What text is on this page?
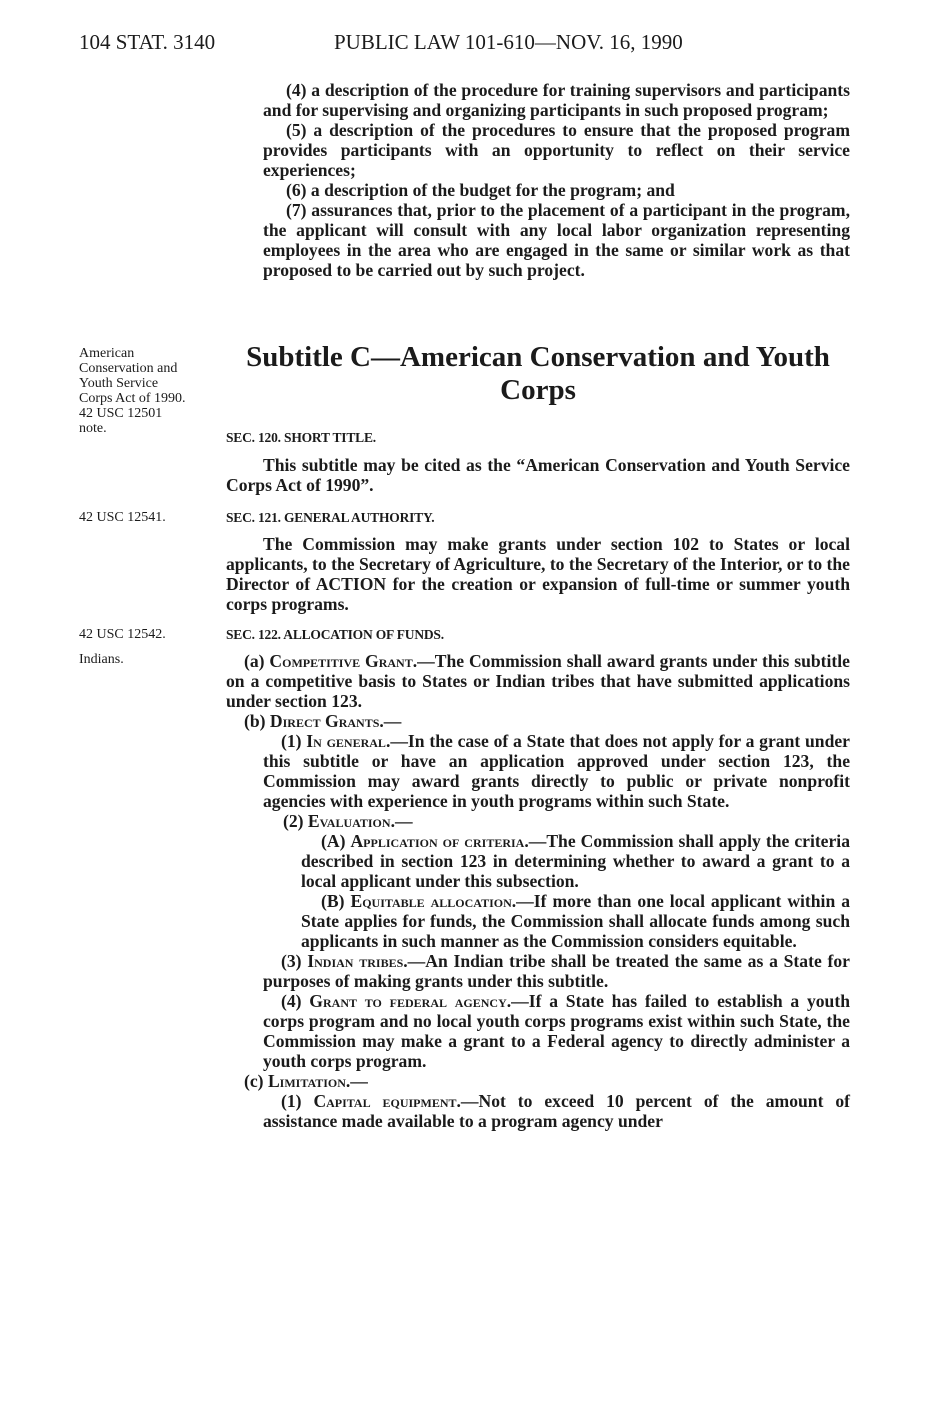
104 STAT. 3140	PUBLIC LAW 101-610—NOV. 16, 1990

(4) a description of the procedure for training supervisors and participants and for supervising and organizing participants in such proposed program;

(5) a description of the procedures to ensure that the proposed program provides participants with an opportunity to reflect on their service experiences;

(6) a description of the budget for the program; and

(7) assurances that, prior to the placement of a participant in the program, the applicant will consult with any local labor organization representing employees in the area who are engaged in the same or similar work as that proposed to be carried out by such project.

American Conservation and Youth Service Corps Act of 1990.
42 USC 12501 note.
Subtitle C—American Conservation and Youth Corps

SEC. 120. SHORT TITLE.

This subtitle may be cited as the “American Conservation and Youth Service Corps Act of 1990”.

42 USC 12541.	SEC. 121. GENERAL AUTHORITY.

The Commission may make grants under section 102 to States or local applicants, to the Secretary of Agriculture, to the Secretary of the Interior, or to the Director of ACTION for the creation or expansion of full-time or summer youth corps programs.

42 USC 12542.	SEC. 122. ALLOCATION OF FUNDS.

Indians.	(a) Competitive Grant.—The Commission shall award grants under this subtitle on a competitive basis to States or Indian tribes that have submitted applications under section 123.

(b) Direct Grants.—

(1) In general.—In the case of a State that does not apply for a grant under this subtitle or have an application approved under section 123, the Commission may award grants directly to public or private nonprofit agencies with experience in youth programs within such State.

(2) Evaluation.—

(A) Application of criteria.—The Commission shall apply the criteria described in section 123 in determining whether to award a grant to a local applicant under this subsection.

(B) Equitable allocation.—If more than one local applicant within a State applies for funds, the Commission shall allocate funds among such applicants in such manner as the Commission considers equitable.

(3) Indian tribes.—An Indian tribe shall be treated the same as a State for purposes of making grants under this subtitle.

(4) Grant to federal agency.—If a State has failed to establish a youth corps program and no local youth corps programs exist within such State, the Commission may make a grant to a Federal agency to directly administer a youth corps program.

(c) Limitation.—

(1) Capital equipment.—Not to exceed 10 percent of the amount of assistance made available to a program agency under
